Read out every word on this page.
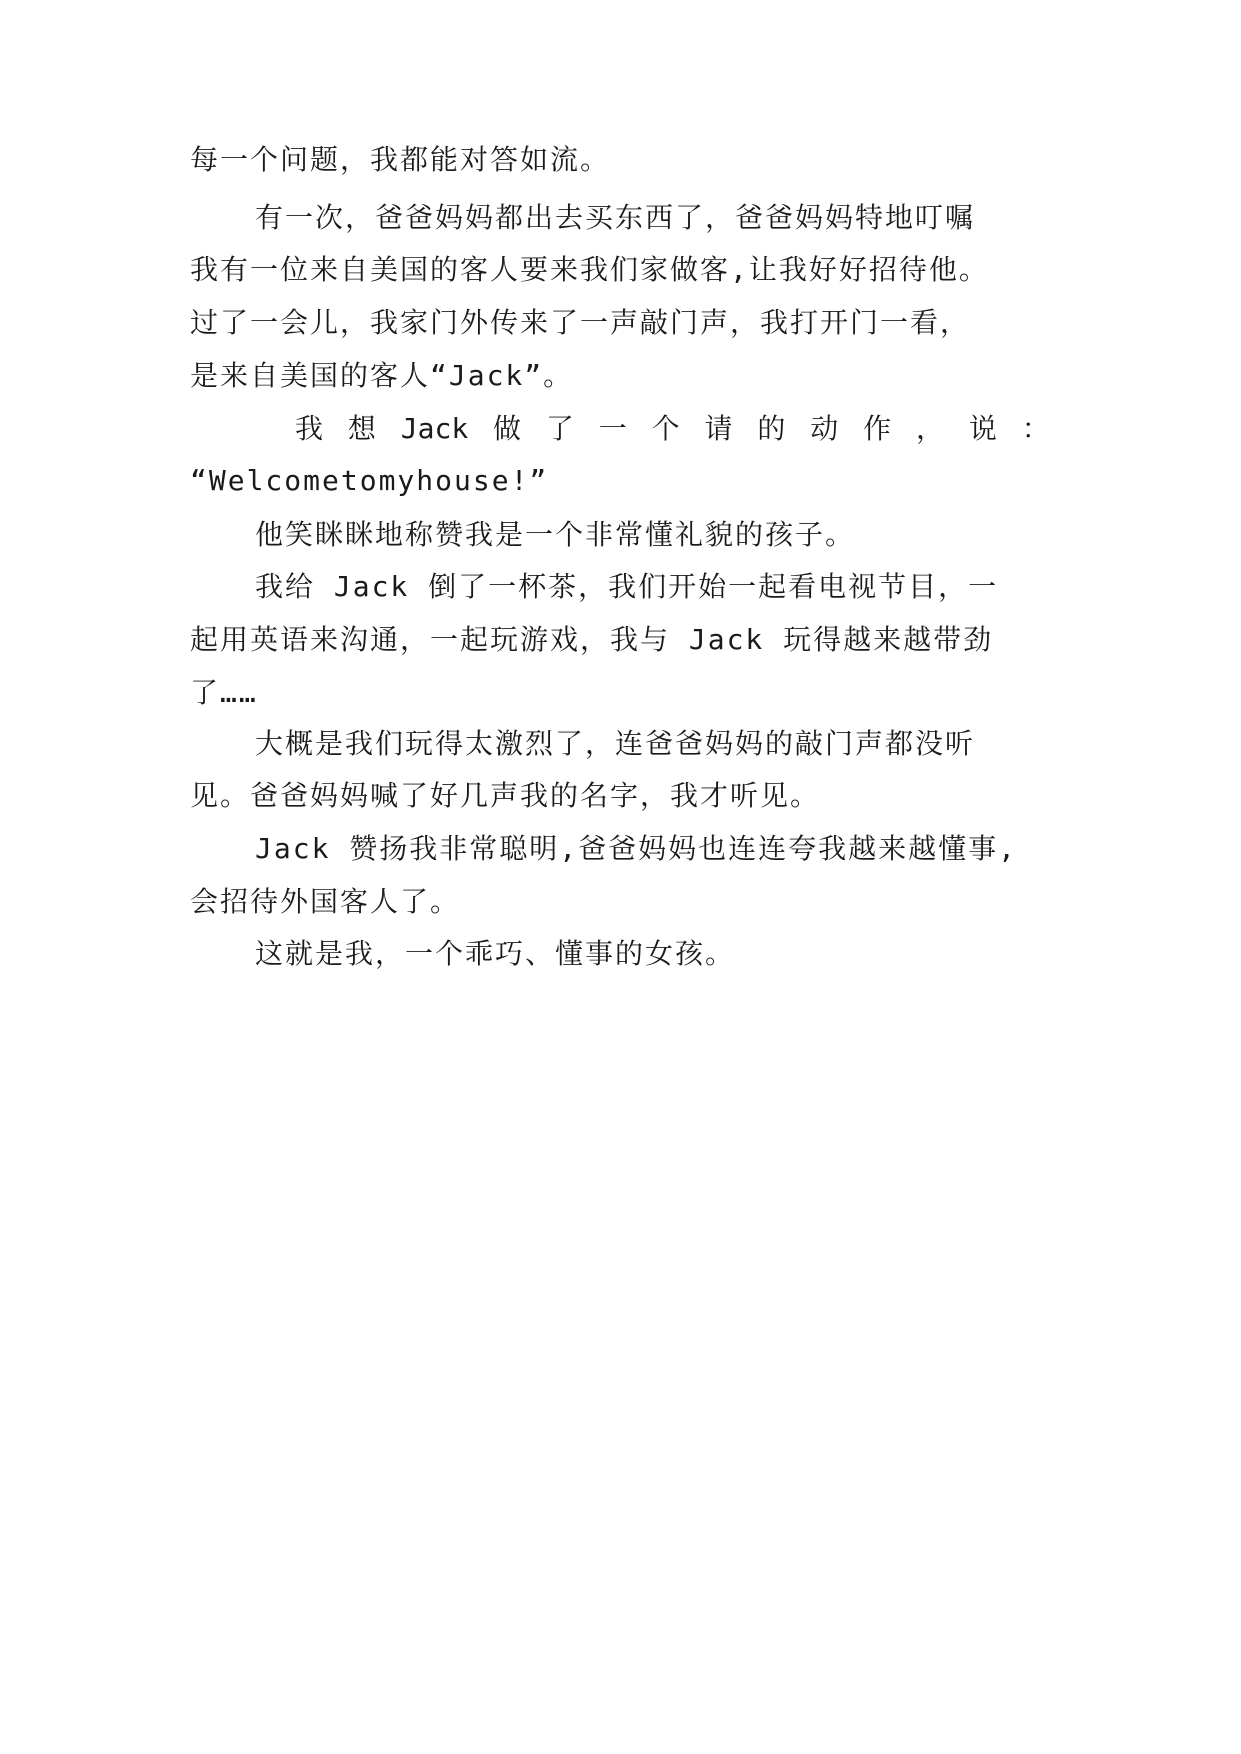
每一个问题，我都能对答如流。
有一次，爸爸妈妈都出去买东西了，爸爸妈妈特地叮嘱
我有一位来自美国的客人要来我们家做客,让我好好招待他。
过了一会儿，我家门外传来了一声敲门声，我打开门一看，
是来自美国的客人“Jack”。
我 想 Jack 做 了 一 个 请 的 动 作 ， 说 ：
“Welcometomyhouse!”
他笑眯眯地称赞我是一个非常懂礼貌的孩子。
我给 Jack 倒了一杯茶，我们开始一起看电视节目，一
起用英语来沟通，一起玩游戏，我与 Jack 玩得越来越带劲
了……
大概是我们玩得太激烈了，连爸爸妈妈的敲门声都没听
见。爸爸妈妈喊了好几声我的名字，我才听见。
Jack 赞扬我非常聪明,爸爸妈妈也连连夸我越来越懂事,
会招待外国客人了。
这就是我，一个乖巧、懂事的女孩。
